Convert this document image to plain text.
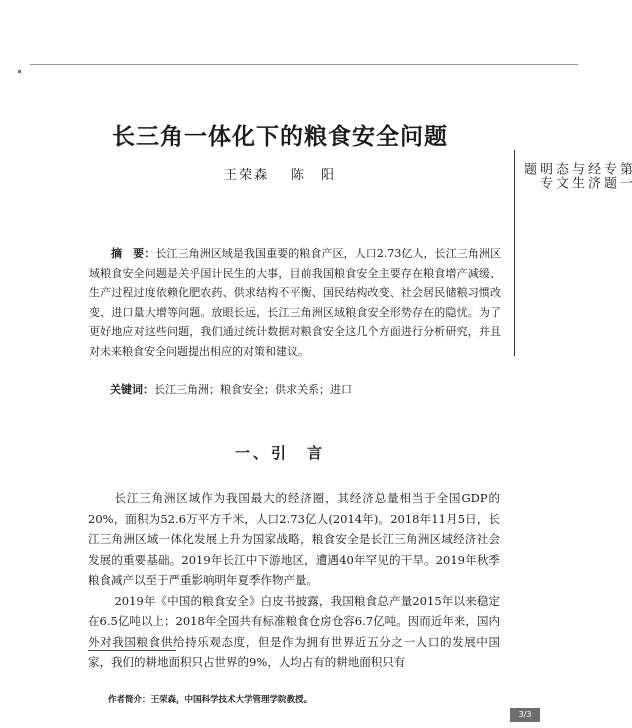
长三角一体化下的粮食安全问题
王荣森 陈　阳
摘　要：长江三角洲区域是我国重要的粮食产区，人口2.73亿人，长江三角洲区域粮食安全问题是关乎国计民生的大事，目前我国粮食安全主要存在粮食增产减缓、生产过程过度依赖化肥农药、供求结构不平衡、国民结构改变、社会居民储粮习惯改变、进口量大增等问题。放眼长远，长江三角洲区域粮食安全形势存在的隐忧。为了更好地应对这些问题，我们通过统计数据对粮食安全这几个方面进行分析研究，并且对未来粮食安全问题提出相应的对策和建议。
关键词：长江三角洲；粮食安全；供求关系；进口
一、引　言

长江三角洲区域作为我国最大的经济圈，其经济总量相当于全国GDP的20%，面积为52.6万平方千米，人口2.73亿人(2014年)。2018年11月5日，长江三角洲区域一体化发展上升为国家战略，粮食安全是长江三角洲区域经济社会发展的重要基础。2019年长江中下游地区，遭遇40年罕见的干旱。2019年秋季粮食减产以至于严重影响明年夏季作物产量。

2019年《中国的粮食安全》白皮书披露，我国粮食总产量2015年以来稳定在6.5亿吨以上；2018年全国共有标准粮食仓房仓容6.7亿吨。因而近年来，国内外对我国粮食供给持乐观态度，但是作为拥有世界近五分之一人口的发展中国家，我们的耕地面积只占世界的9%，人均占有的耕地面积只有

作者简介：王荣森，中国科学技术大学管理学院教授。
第一专题　经济与生态文明专题
3/3
